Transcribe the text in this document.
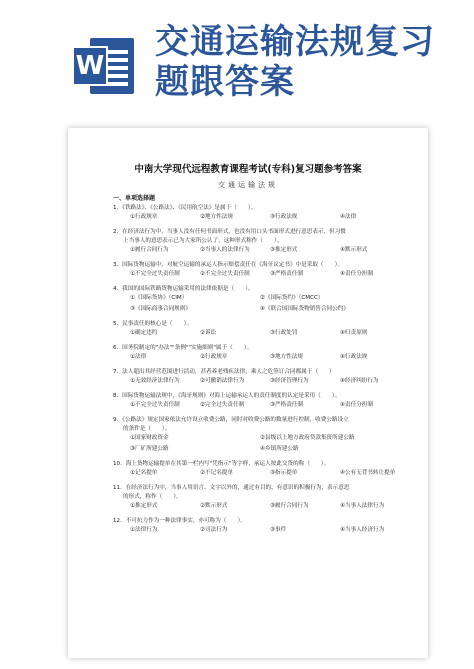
W
交通运输法规复习题跟答案
中南大学现代远程教育课程考试(专科)复习题参考答案
交通运输法规
一、单项选择题
1．《铁路法》、《公路法》、《民用航空法》是属于（　　）。
①行政规章	②地方性法规	③行政法规	④法律
2．在经济法行为中，当事人没有任何书面形式，也没有用口头书面形式进行意思表示，但习惯
上当事人的意思表示已为大家所公认了，这种形式称作（　　）。
①履行合同行为	②当事人的法律行为	③推定形式	④默示形式
3．国际货物运输中，对航空运输的承运人指示赔偿责任在《海牙议定书》中是采取（　　）。
①不完全过失责任制	②不完全过失责任制	③严格责任制	④责任分担制
4．我国的国际铁路货物运输采用的法律依据是（　　）。
①《国际货协》（CIM）	②《国际货约》（CMCC）
③《国际商事合同规则》	④《联合国国际货物销售合同公约》
5．民事责任的核心是（　　）。
①确定违约	②诉讼	③行政处罚	④归责原则
6．国务院制定的"办法""条例""实施细则"属于（　　）。
①法律	②行政规章	③地方性法规	④行政法规
7．法人超出其经营范围进行活动，甚者养老残疾法律，乘人之危签订合同都属于（　　）
①无效经济法律行为	②可撤销法律行为	③经济管理行为	④经济纠纷行为
8．国际货物运输法规中，《海牙规则》对海上运输承运人的责任制度的认定是采用（　　）。
①不完全过失责任制	②完全过失责任制	③严格责任制	④责任分担制
9．《公路法》规定国家依法允许设立收费公路，同时对收费公路的数量进行控制，收费公路设立
的条件是（　　）。
①国家财政资金	②县级以上地方政府贷款集资所建公路
③厂矿所建公路	④乡镇所建公路
10．海上货物运输提单在其第一栏内写"凭指示"等字样，承运人按此交货的称（　　）。
①记名提单	②不记名提单	③指示提单	④公有无背书转让提单
11．在经济法行为中，当事人用语言、文字以外的，通过有目的、有意识的积极行为，表示意思
的形式，称作（　　）。
①推定形式	②默示形式	③履行合同行为	④当事人法律行为
12．不可抗力作为一种法律事实，亦可称为（　　）。
①法律行为	②司法行为	③事件	④当事人经济行为
